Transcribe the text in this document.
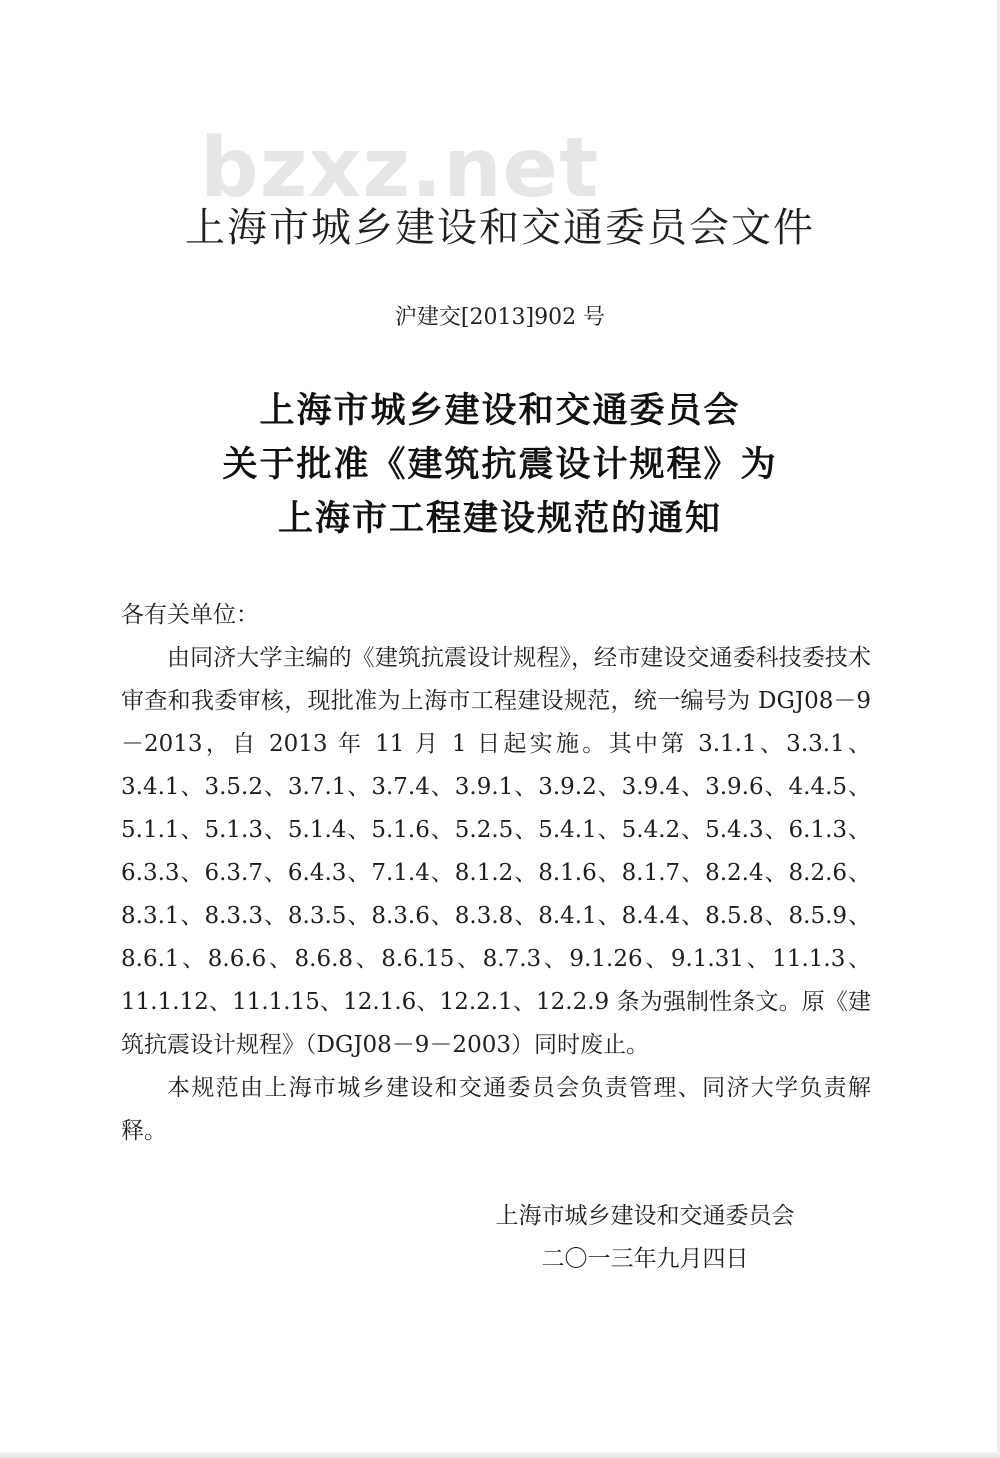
bzxz.net
上海市城乡建设和交通委员会文件
沪建交[2013]902 号
上海市城乡建设和交通委员会
关于批准《建筑抗震设计规程》为
上海市工程建设规范的通知

各有关单位：

由同济大学主编的《建筑抗震设计规程》，经市建设交通委科技委技术审查和我委审核，现批准为上海市工程建设规范，统一编号为 DGJ08－9－2013，自 2013 年 11 月 1 日起实施。其中第 3.1.1、3.3.1、3.4.1、3.5.2、3.7.1、3.7.4、3.9.1、3.9.2、3.9.4、3.9.6、4.4.5、5.1.1、5.1.3、5.1.4、5.1.6、5.2.5、5.4.1、5.4.2、5.4.3、6.1.3、6.3.3、6.3.7、6.4.3、7.1.4、8.1.2、8.1.6、8.1.7、8.2.4、8.2.6、8.3.1、8.3.3、8.3.5、8.3.6、8.3.8、8.4.1、8.4.4、8.5.8、8.5.9、8.6.1、8.6.6、8.6.8、8.6.15、8.7.3、9.1.26、9.1.31、11.1.3、11.1.12、11.1.15、12.1.6、12.2.1、12.2.9 条为强制性条文。原《建筑抗震设计规程》（DGJ08－9－2003）同时废止。

本规范由上海市城乡建设和交通委员会负责管理、同济大学负责解释。

上海市城乡建设和交通委员会
二〇一三年九月四日
